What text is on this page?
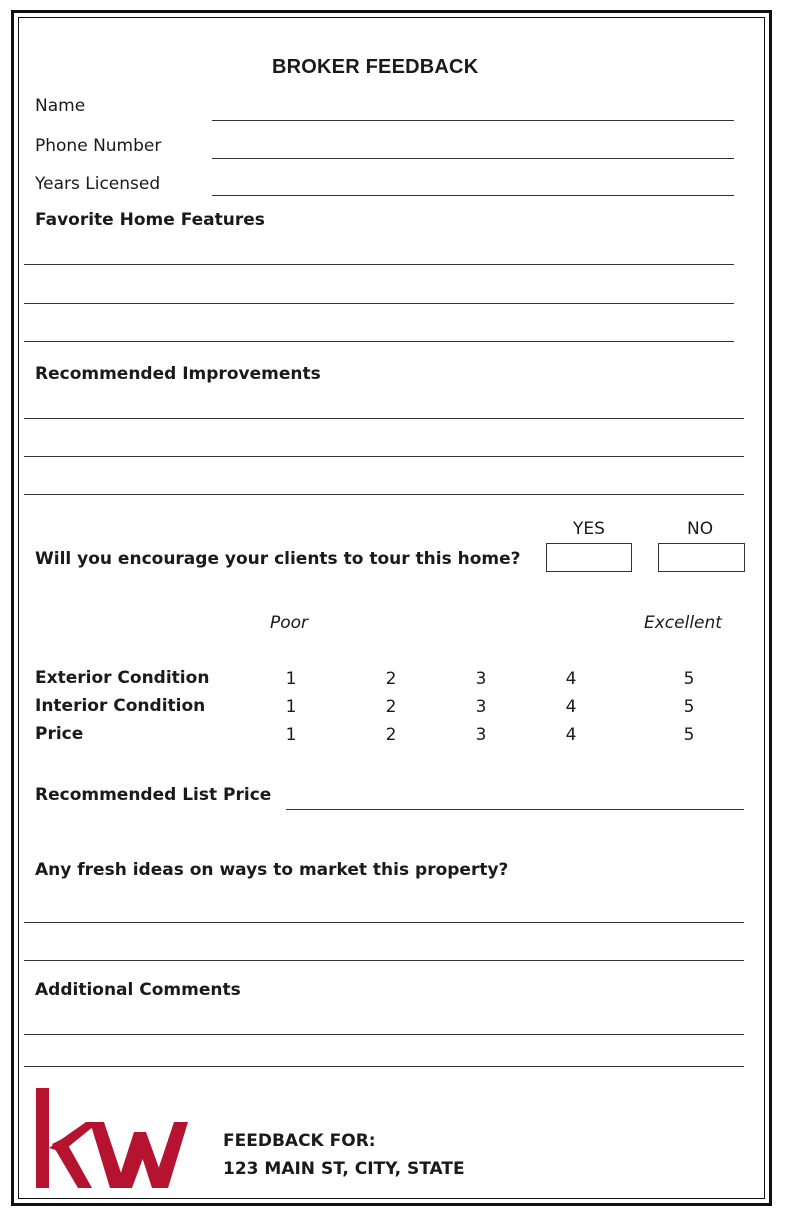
BROKER FEEDBACK
Name
Phone Number
Years Licensed
Favorite Home Features
Recommended Improvements
YES	NO
Will you encourage your clients to tour this home?
Poor	Excellent
Exterior Condition	1	2	3	4	5
Interior Condition	1	2	3	4	5
Price	1	2	3	4	5
Recommended List Price
Any fresh ideas on ways to market this property?
Additional Comments
FEEDBACK FOR:
123 MAIN ST, CITY, STATE
